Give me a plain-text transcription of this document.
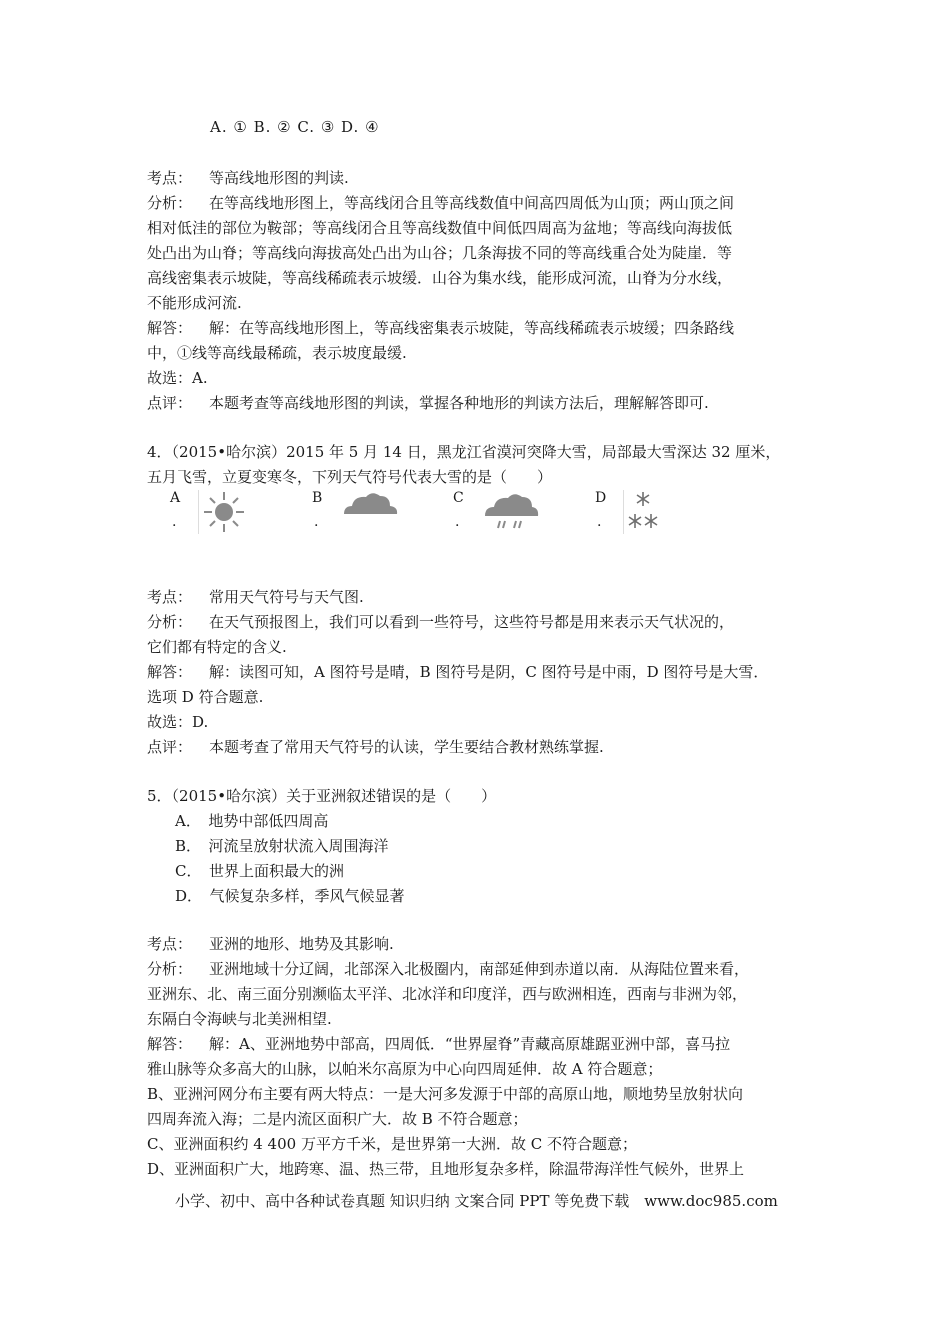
A. ① B. ② C. ③ D. ④
考点： 等高线地形图的判读.
分析： 在等高线地形图上，等高线闭合且等高线数值中间高四周低为山顶；两山顶之间
相对低洼的部位为鞍部；等高线闭合且等高线数值中间低四周高为盆地；等高线向海拔低
处凸出为山脊；等高线向海拔高处凸出为山谷；几条海拔不同的等高线重合处为陡崖．等
高线密集表示坡陡，等高线稀疏表示坡缓．山谷为集水线，能形成河流，山脊为分水线，
不能形成河流.
解答： 解：在等高线地形图上，等高线密集表示坡陡，等高线稀疏表示坡缓；四条路线
中，①线等高线最稀疏，表示坡度最缓.
故选：A.
点评： 本题考查等高线地形图的判读，掌握各种地形的判读方法后，理解解答即可.
4．（2015•哈尔滨）2015 年 5 月 14 日，黑龙江省漠河突降大雪，局部最大雪深达 32 厘米，
五月飞雪，立夏变寒冬，下列天气符号代表大雪的是（　　）
A
.
B
.
C
.
D
.
考点： 常用天气符号与天气图.
分析： 在天气预报图上，我们可以看到一些符号，这些符号都是用来表示天气状况的，
它们都有特定的含义.
解答： 解：读图可知，A 图符号是晴，B 图符号是阴，C 图符号是中雨，D 图符号是大雪．
选项 D 符合题意.
故选：D.
点评： 本题考查了常用天气符号的认读，学生要结合教材熟练掌握.
5．（2015•哈尔滨）关于亚洲叙述错误的是（　　）
A．　地势中部低四周高
B．　河流呈放射状流入周围海洋
C．　世界上面积最大的洲
D．　气候复杂多样，季风气候显著
考点： 亚洲的地形、地势及其影响.
分析： 亚洲地域十分辽阔，北部深入北极圈内，南部延伸到赤道以南．从海陆位置来看，
亚洲东、北、南三面分别濒临太平洋、北冰洋和印度洋，西与欧洲相连，西南与非洲为邻，
东隔白令海峡与北美洲相望.
解答： 解：A、亚洲地势中部高，四周低．“世界屋脊”青藏高原雄踞亚洲中部，喜马拉
雅山脉等众多高大的山脉，以帕米尔高原为中心向四周延伸．故 A 符合题意；
B、亚洲河网分布主要有两大特点：一是大河多发源于中部的高原山地，顺地势呈放射状向
四周奔流入海；二是内流区面积广大．故 B 不符合题意；
C、亚洲面积约 4 400 万平方千米，是世界第一大洲．故 C 不符合题意；
D、亚洲面积广大，地跨寒、温、热三带，且地形复杂多样，除温带海洋性气候外，世界上
小学、初中、高中各种试卷真题 知识归纳 文案合同 PPT 等免费下载　www.doc985.com
